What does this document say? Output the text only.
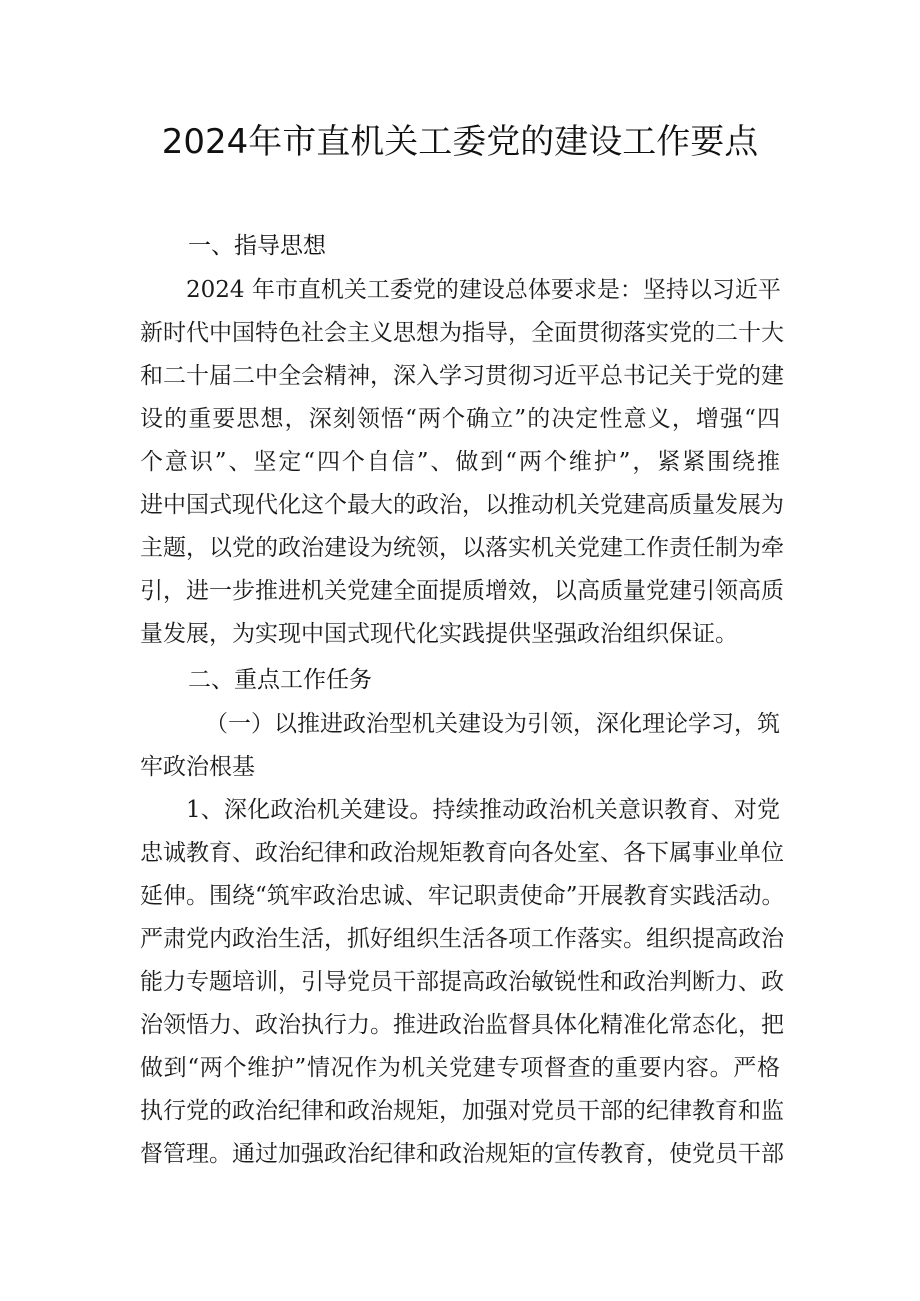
2024年市直机关工委党的建设工作要点
一、指导思想
2024 年市直机关工委党的建设总体要求是：坚持以习近平
新时代中国特色社会主义思想为指导，全面贯彻落实党的二十大
和二十届二中全会精神，深入学习贯彻习近平总书记关于党的建
设的重要思想，深刻领悟“两个确立”的决定性意义，增强“四
个意识”、坚定“四个自信”、做到“两个维护”，紧紧围绕推
进中国式现代化这个最大的政治，以推动机关党建高质量发展为
主题，以党的政治建设为统领，以落实机关党建工作责任制为牵
引，进一步推进机关党建全面提质增效，以高质量党建引领高质
量发展，为实现中国式现代化实践提供坚强政治组织保证。
二、重点工作任务
（一）以推进政治型机关建设为引领，深化理论学习，筑
牢政治根基
1、深化政治机关建设。持续推动政治机关意识教育、对党
忠诚教育、政治纪律和政治规矩教育向各处室、各下属事业单位
延伸。围绕“筑牢政治忠诚、牢记职责使命”开展教育实践活动。
严肃党内政治生活，抓好组织生活各项工作落实。组织提高政治
能力专题培训，引导党员干部提高政治敏锐性和政治判断力、政
治领悟力、政治执行力。推进政治监督具体化精准化常态化，把
做到“两个维护”情况作为机关党建专项督查的重要内容。严格
执行党的政治纪律和政治规矩，加强对党员干部的纪律教育和监
督管理。通过加强政治纪律和政治规矩的宣传教育，使党员干部
